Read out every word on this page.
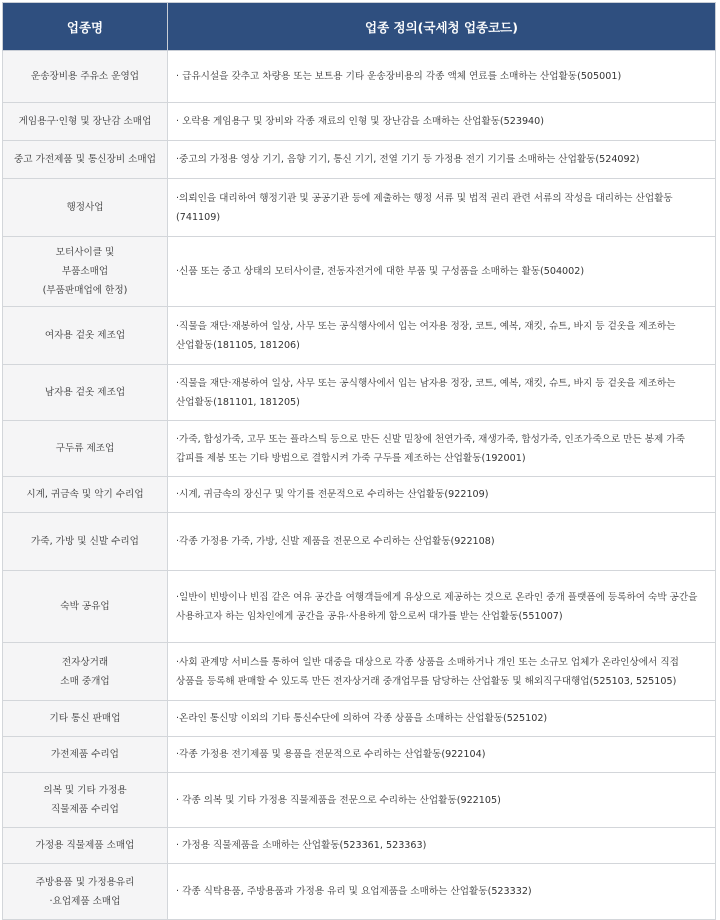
업종명	업종 정의(국세청 업종코드)

운송장비용 주유소 운영업	· 급유시설을 갖추고 차량용 또는 보트용 기타 운송장비용의 각종 액체 연료를 소매하는 산업활동(505001)

게임용구·인형 및 장난감 소매업	· 오락용 게임용구 및 장비와 각종 재료의 인형 및 장난감을 소매하는 산업활동(523940)

중고 가전제품 및 통신장비 소매업	·중고의 가정용 영상 기기, 음향 기기, 통신 기기, 전열 기기 등 가정용 전기 기기를 소매하는 산업활동(524092)

행정사업	·의뢰인을 대리하여 행정기관 및 공공기관 등에 제출하는 행정 서류 및 법적 권리 관련 서류의 작성을 대리하는 산업활동(741109)

모터사이클 및
부품소매업
(부품판매업에 한정)	·신품 또는 중고 상태의 모터사이클, 전동자전거에 대한 부품 및 구성품을 소매하는 활동(504002)

여자용 겉옷 제조업	·직물을 재단·재봉하여 일상, 사무 또는 공식행사에서 입는 여자용 정장, 코트, 예복, 재킷, 슈트, 바지 등 겉옷을 제조하는 산업활동(181105, 181206)

남자용 겉옷 제조업	·직물을 재단·재봉하여 일상, 사무 또는 공식행사에서 입는 남자용 정장, 코트, 예복, 재킷, 슈트, 바지 등 겉옷을 제조하는 산업활동(181101, 181205)

구두류 제조업	·가죽, 합성가죽, 고무 또는 플라스틱 등으로 만든 신발 밑창에 천연가죽, 재생가죽, 합성가죽, 인조가죽으로 만든 봉제 가죽 갑피를 제봉 또는 기타 방법으로 결합시켜 가죽 구두를 제조하는 산업활동(192001)

시계, 귀금속 및 악기 수리업	·시계, 귀금속의 장신구 및 악기를 전문적으로 수리하는 산업활동(922109)

가죽, 가방 및 신발 수리업	·각종 가정용 가죽, 가방, 신발 제품을 전문으로 수리하는 산업활동(922108)

숙박 공유업	·일반이 빈방이나 빈집 같은 여유 공간을 여행객들에게 유상으로 제공하는 것으로 온라인 중개 플랫폼에 등록하여 숙박 공간을 사용하고자 하는 임차인에게 공간을 공유·사용하게 함으로써 대가를 받는 산업활동(551007)

전자상거래
소매 중개업	·사회 관계망 서비스를 통하여 일반 대중을 대상으로 각종 상품을 소매하거나 개인 또는 소규모 업체가 온라인상에서 직접 상품을 등록해 판매할 수 있도록 만든 전자상거래 중개업무를 담당하는 산업활동 및 해외직구대행업(525103, 525105)

기타 통신 판매업	·온라인 통신망 이외의 기타 통신수단에 의하여 각종 상품을 소매하는 산업활동(525102)

가전제품 수리업	·각종 가정용 전기제품 및 용품을 전문적으로 수리하는 산업활동(922104)

의복 및 기타 가정용
직물제품 수리업	· 각종 의복 및 기타 가정용 직물제품을 전문으로 수리하는 산업활동(922105)

가정용 직물제품 소매업	· 가정용 직물제품을 소매하는 산업활동(523361, 523363)

주방용품 및 가정용유리
·요업제품 소매업	· 각종 식탁용품, 주방용품과 가정용 유리 및 요업제품을 소매하는 산업활동(523332)
